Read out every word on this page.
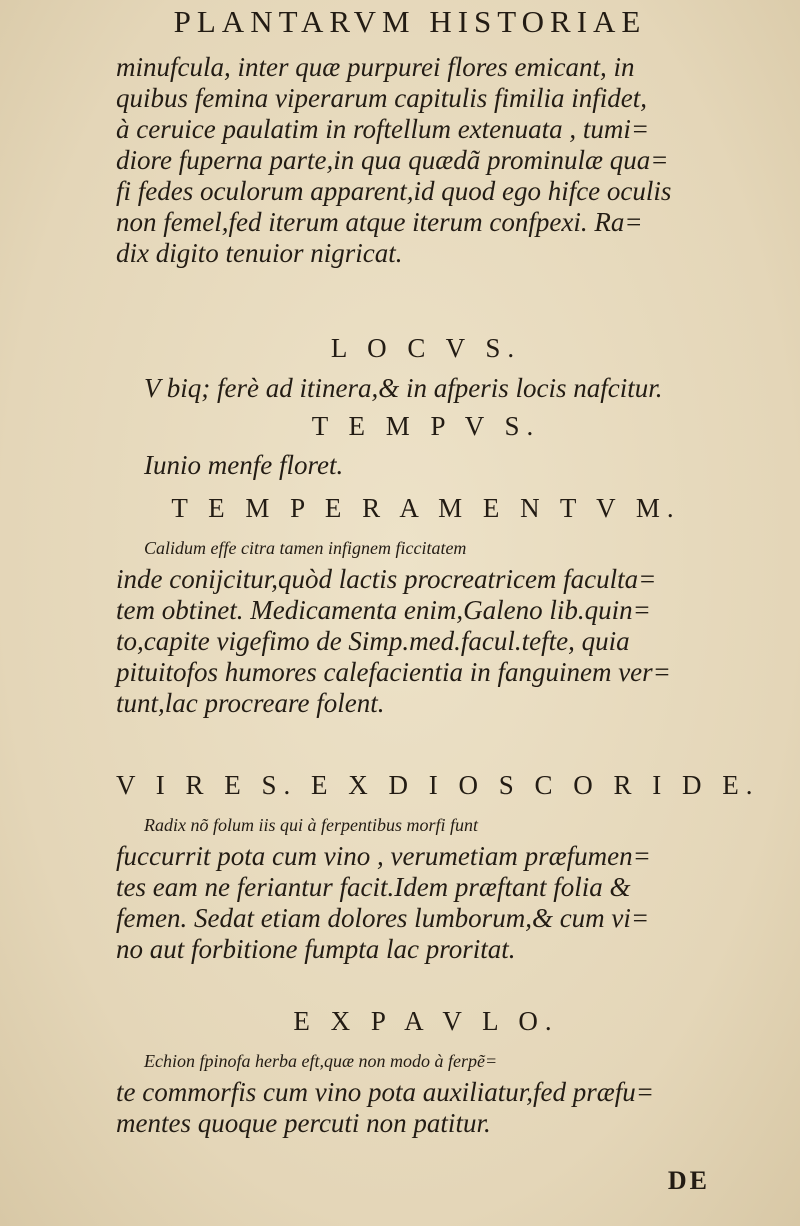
PLANTARVM HISTORIAE
minufcula, inter quæ purpurei flores emicant, in
quibus femina viperarum capitulis fimilia infidet,
à ceruice paulatim in roftellum extenuata , tumi=
diore fuperna parte,in qua quædã prominulæ qua=
fi fedes oculorum apparent,id quod ego hifce oculis
non femel,fed iterum atque iterum confpexi. Ra=
dix digito tenuior nigricat.
L O C V S.
V biq; ferè ad itinera,& in afperis locis nafcitur.
T E M P V S.
Iunio menfe floret.
T E M P E R A M E N T V M.
Calidum effe citra tamen infignem ficcitatem
inde conijcitur,quòd lactis procreatricem faculta=
tem obtinet. Medicamenta enim,Galeno lib.quin=
to,capite vigefimo de Simp.med.facul.tefte, quia
pituitofos humores calefacientia in fanguinem ver=
tunt,lac procreare folent.
V I R E S. E X D I O S C O R I D E.
Radix nõ folum iis qui à ferpentibus morfi funt
fuccurrit pota cum vino , verumetiam præfumen=
tes eam ne feriantur facit.Idem præftant folia &
femen. Sedat etiam dolores lumborum,& cum vi=
no aut forbitione fumpta lac proritat.
E X P A V L O.
Echion fpinofa herba eft,quæ non modo à ferpẽ=
te commorfis cum vino pota auxiliatur,fed præfu=
mentes quoque percuti non patitur.
DE
